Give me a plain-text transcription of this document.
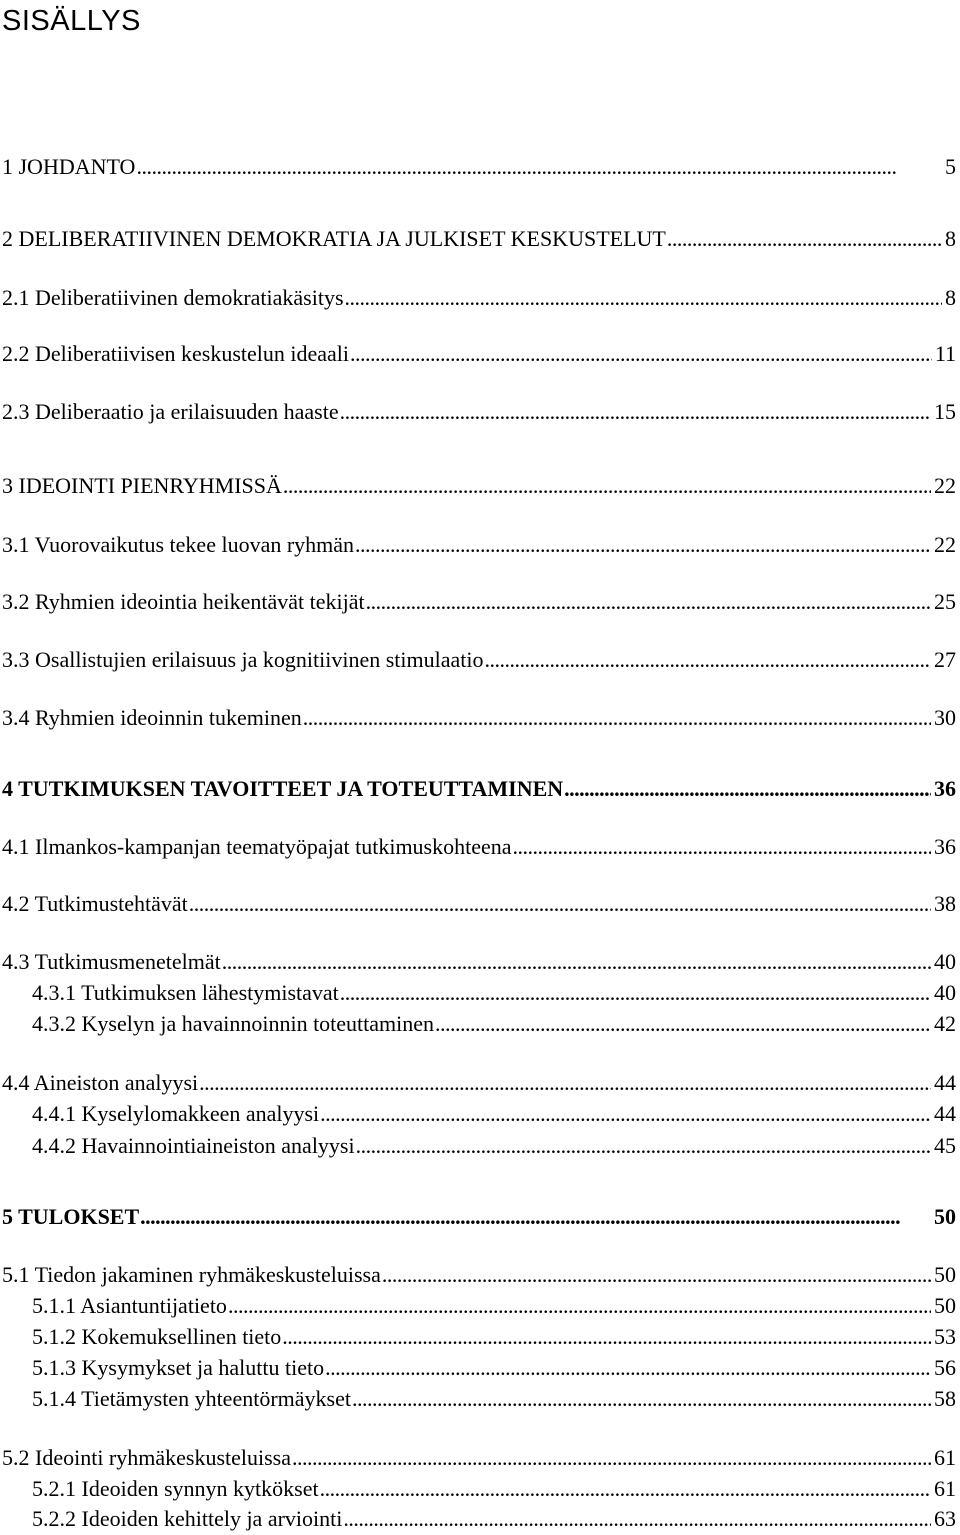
SISÄLLYS
1 JOHDANTO . . .	5
2 DELIBERATIIVINEN DEMOKRATIA JA JULKISET KESKUSTELUT . . .	8
2.1 Deliberatiivinen demokratiakäsitys . . .	8
2.2 Deliberatiivisen keskustelun ideaali . . .	11
2.3 Deliberaatio ja erilaisuuden haaste . . .	15
3 IDEOINTI PIENRYHMISSÄ . . .	22
3.1 Vuorovaikutus tekee luovan ryhmän . . .	22
3.2 Ryhmien ideointia heikentävät tekijät . . .	25
3.3 Osallistujien erilaisuus ja kognitiivinen stimulaatio . . .	27
3.4 Ryhmien ideoinnin tukeminen . . .	30
4 TUTKIMUKSEN TAVOITTEET JA TOTEUTTAMINEN . . .	36
4.1 Ilmankos-kampanjan teematyöpajat tutkimuskohteena . . .	36
4.2 Tutkimustehtävät . . .	38
4.3 Tutkimusmenetelmät . . .	40
4.3.1 Tutkimuksen lähestymistavat . . .	40
4.3.2 Kyselyn ja havainnoinnin toteuttaminen . . .	42
4.4 Aineiston analyysi . . .	44
4.4.1 Kyselylomakkeen analyysi . . .	44
4.4.2 Havainnointiaineiston analyysi . . .	45
5 TULOKSET . . .	50
5.1 Tiedon jakaminen ryhmäkeskusteluissa . . .	50
5.1.1 Asiantuntijatieto . . .	50
5.1.2 Kokemuksellinen tieto . . .	53
5.1.3 Kysymykset ja haluttu tieto . . .	56
5.1.4 Tietämysten yhteentörmäykset . . .	58
5.2 Ideointi ryhmäkeskusteluissa . . .	61
5.2.1 Ideoiden synnyn kytkökset . . .	61
5.2.2 Ideoiden kehittely ja arviointi . . .	63
